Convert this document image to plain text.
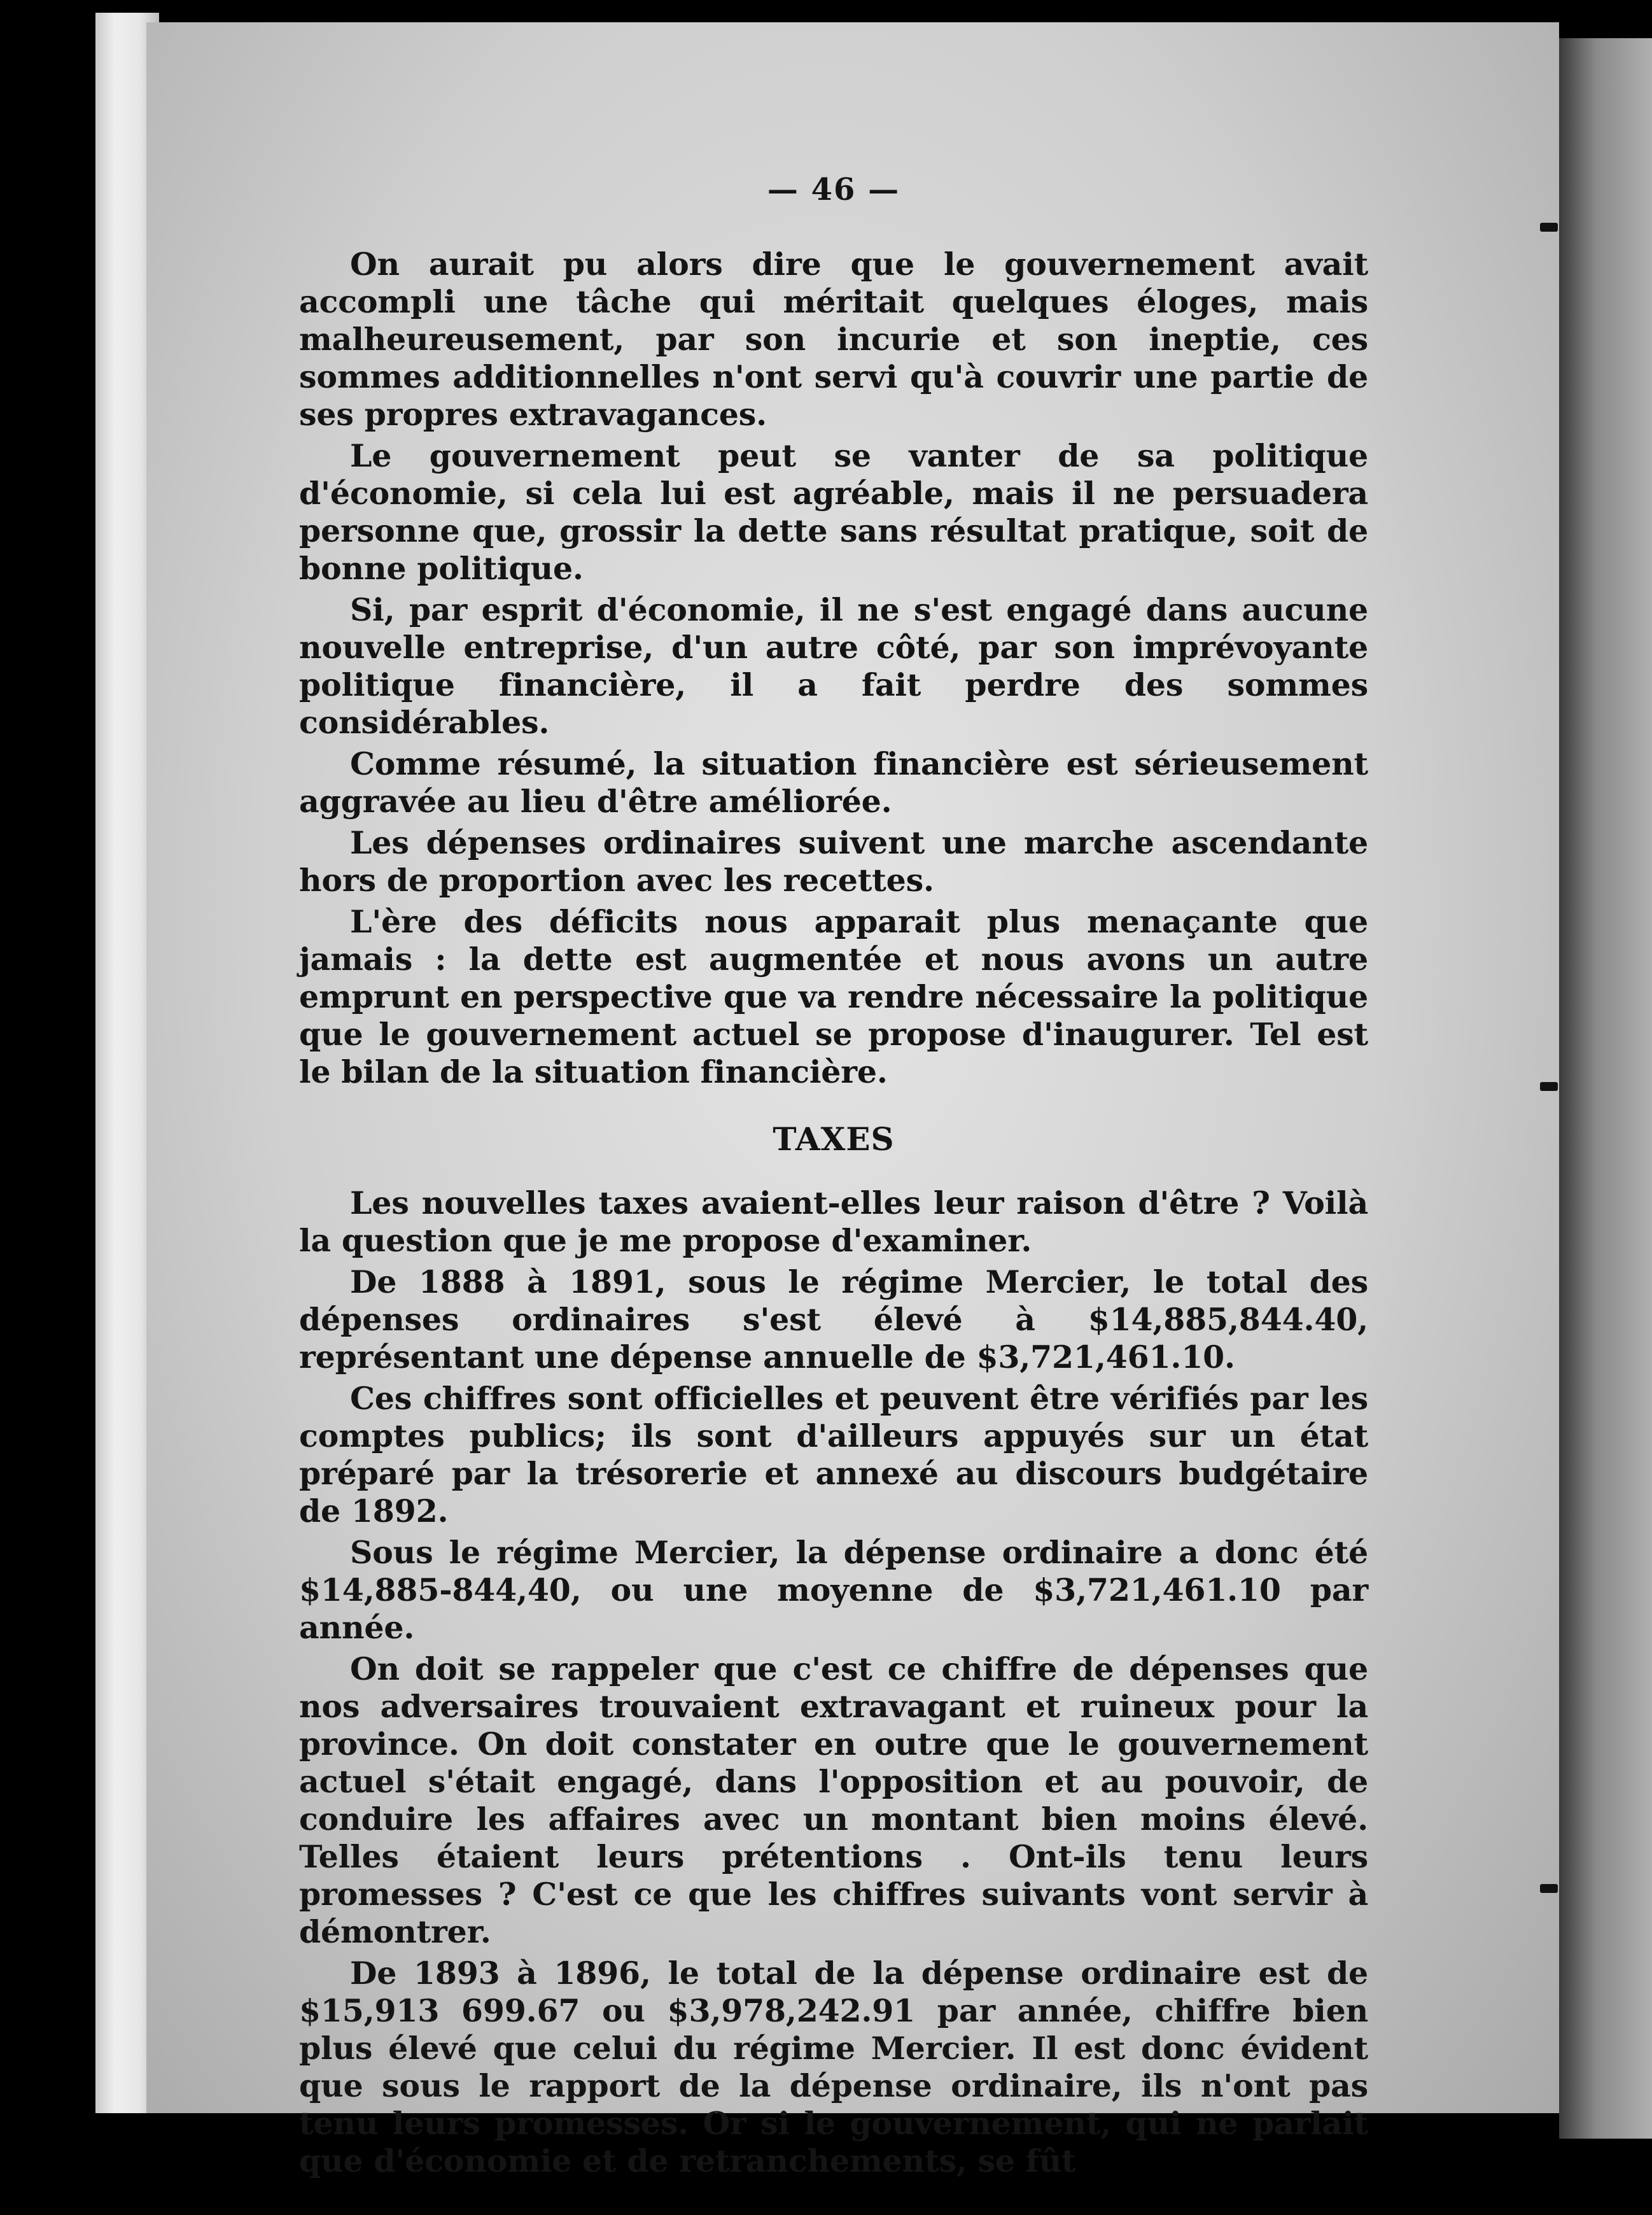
— 46 —

On aurait pu alors dire que le gouvernement avait accompli une tâche qui méritait quelques éloges, mais malheureusement, par son incurie et son ineptie, ces sommes additionnelles n'ont servi qu'à couvrir une partie de ses propres extravagances.

Le gouvernement peut se vanter de sa politique d'économie, si cela lui est agréable, mais il ne persuadera personne que, grossir la dette sans résultat pratique, soit de bonne politique.

Si, par esprit d'économie, il ne s'est engagé dans aucune nouvelle entreprise, d'un autre côté, par son imprévoyante politique financière, il a fait perdre des sommes considérables.

Comme résumé, la situation financière est sérieusement aggravée au lieu d'être améliorée.

Les dépenses ordinaires suivent une marche ascendante hors de proportion avec les recettes.

L'ère des déficits nous apparait plus menaçante que jamais : la dette est augmentée et nous avons un autre emprunt en perspective que va rendre nécessaire la politique que le gouvernement actuel se propose d'inaugurer. Tel est le bilan de la situation financière.

TAXES

Les nouvelles taxes avaient-elles leur raison d'être ? Voilà la question que je me propose d'examiner.

De 1888 à 1891, sous le régime Mercier, le total des dépenses ordinaires s'est élevé à $14,885,844.40, représentant une dépense annuelle de $3,721,461.10.

Ces chiffres sont officielles et peuvent être vérifiés par les comptes publics; ils sont d'ailleurs appuyés sur un état préparé par la trésorerie et annexé au discours budgétaire de 1892.

Sous le régime Mercier, la dépense ordinaire a donc été $14,885-844,40, ou une moyenne de $3,721,461.10 par année.

On doit se rappeler que c'est ce chiffre de dépenses que nos adversaires trouvaient extravagant et ruineux pour la province. On doit constater en outre que le gouvernement actuel s'était engagé, dans l'opposition et au pouvoir, de conduire les affaires avec un montant bien moins élevé. Telles étaient leurs prétentions . Ont-ils tenu leurs promesses ? C'est ce que les chiffres suivants vont servir à démontrer.

De 1893 à 1896, le total de la dépense ordinaire est de $15,913 699.67 ou $3,978,242.91 par année, chiffre bien plus élevé que celui du régime Mercier. Il est donc évident que sous le rapport de la dépense ordinaire, ils n'ont pas tenu leurs promesses. Or si le gouvernement, qui ne parlait que d'économie et de retranchements, se fût
